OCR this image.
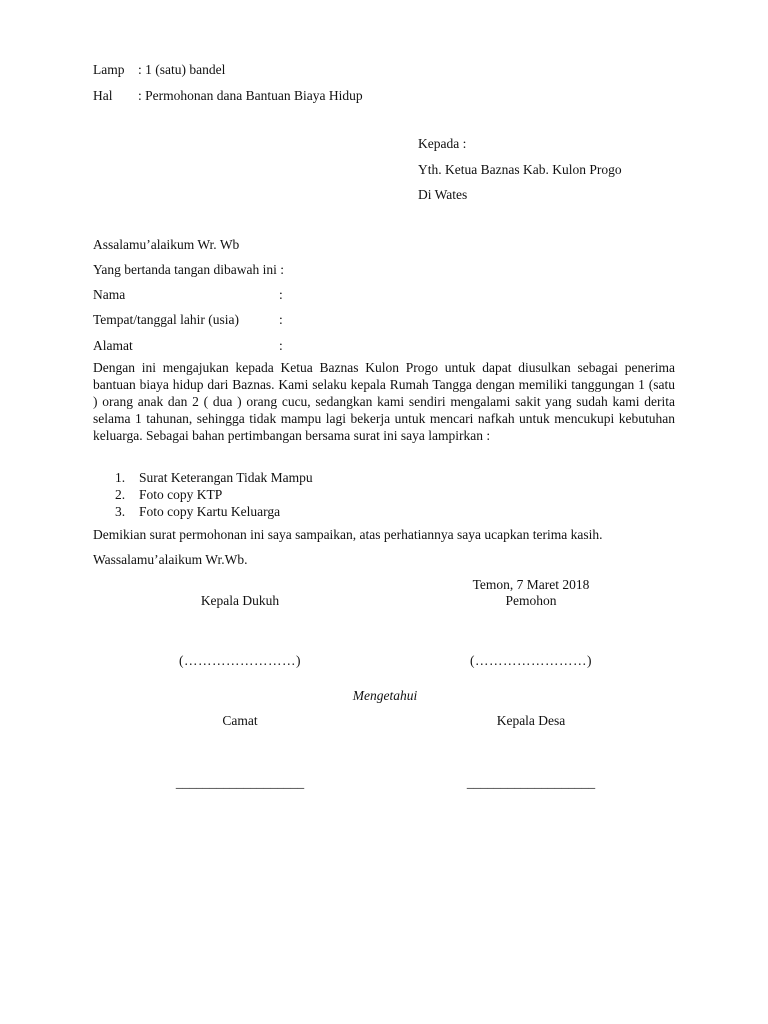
Lamp : 1 (satu) bandel
Hal : Permohonan dana Bantuan Biaya Hidup
Kepada :
Yth. Ketua Baznas Kab. Kulon Progo
Di Wates
Assalamu’alaikum Wr. Wb
Yang bertanda tangan dibawah ini :
Nama	:
Tempat/tanggal lahir (usia)	:
Alamat	:
Dengan ini mengajukan kepada Ketua Baznas Kulon Progo untuk dapat diusulkan sebagai penerima bantuan biaya hidup dari Baznas. Kami selaku kepala Rumah Tangga dengan memiliki tanggungan 1 (satu ) orang anak dan 2 ( dua ) orang cucu, sedangkan kami sendiri mengalami sakit yang sudah kami derita selama 1 tahunan, sehingga tidak mampu lagi bekerja untuk mencari nafkah untuk mencukupi kebutuhan keluarga. Sebagai bahan pertimbangan bersama surat ini saya lampirkan :
1. Surat Keterangan Tidak Mampu
2. Foto copy KTP
3. Foto copy Kartu Keluarga
Demikian surat permohonan ini saya sampaikan, atas perhatiannya saya ucapkan terima kasih.
Wassalamu’alaikum Wr.Wb.
Temon, 7 Maret 2018
Kepala Dukuh	Pemohon
(……………………)	(……………………)
Mengetahui
Camat	Kepala Desa
___________________	___________________
